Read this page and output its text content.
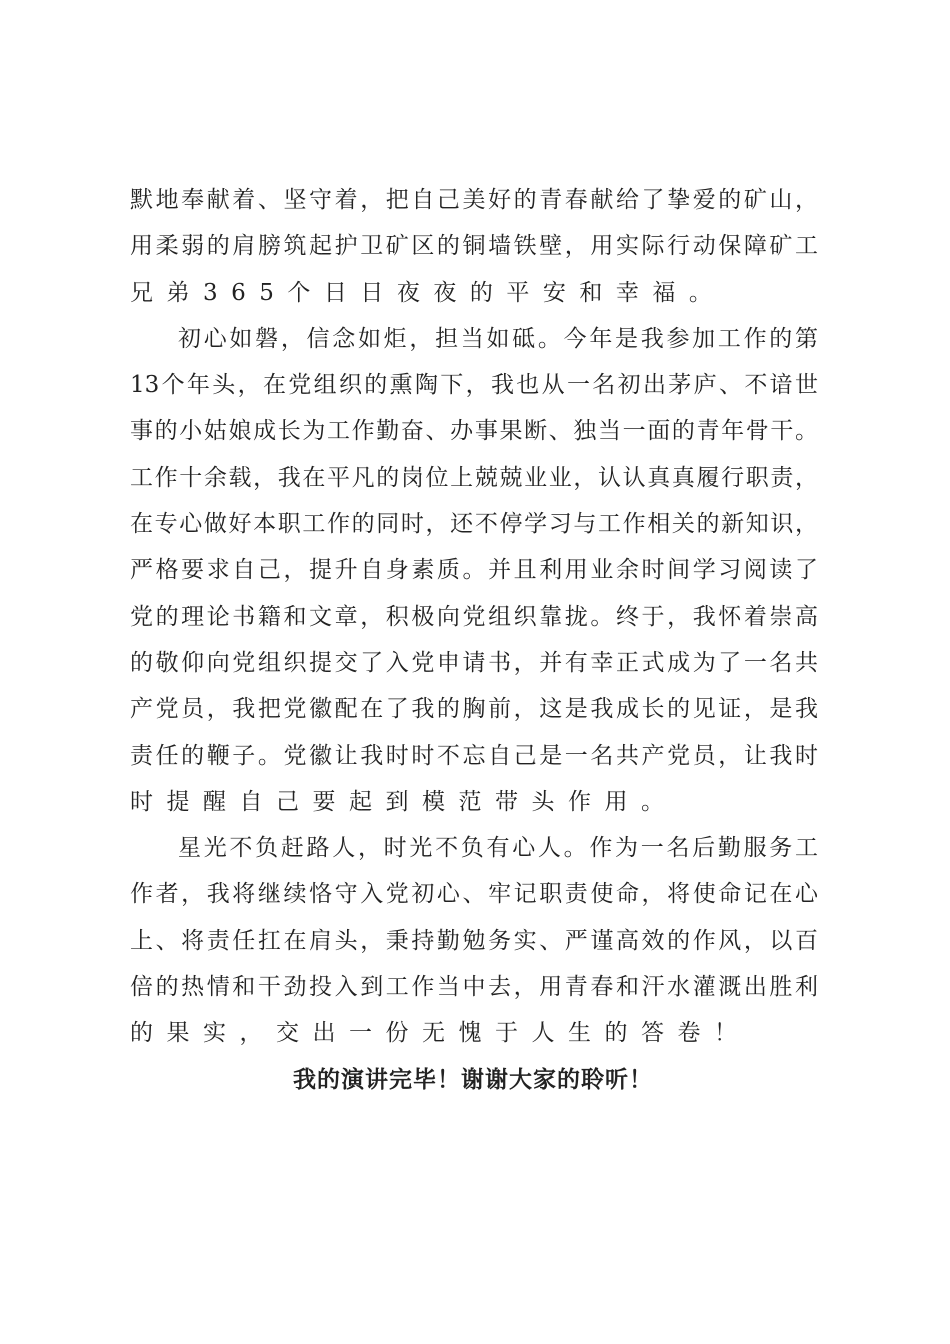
默地奉献着、坚守着，把自己美好的青春献给了挚爱的矿山，
用柔弱的肩膀筑起护卫矿区的铜墙铁壁，用实际行动保障矿工
兄弟365个日日夜夜的平安和幸福。
初心如磐，信念如炬，担当如砥。今年是我参加工作的第
13个年头，在党组织的熏陶下，我也从一名初出茅庐、不谙世
事的小姑娘成长为工作勤奋、办事果断、独当一面的青年骨干。
工作十余载，我在平凡的岗位上兢兢业业，认认真真履行职责，
在专心做好本职工作的同时，还不停学习与工作相关的新知识，
严格要求自己，提升自身素质。并且利用业余时间学习阅读了
党的理论书籍和文章，积极向党组织靠拢。终于，我怀着崇高
的敬仰向党组织提交了入党申请书，并有幸正式成为了一名共
产党员，我把党徽配在了我的胸前，这是我成长的见证，是我
责任的鞭子。党徽让我时时不忘自己是一名共产党员，让我时
时提醒自己要起到模范带头作用。
星光不负赶路人，时光不负有心人。作为一名后勤服务工
作者，我将继续恪守入党初心、牢记职责使命，将使命记在心
上、将责任扛在肩头，秉持勤勉务实、严谨高效的作风，以百
倍的热情和干劲投入到工作当中去，用青春和汗水灌溉出胜利
的果实，交出一份无愧于人生的答卷！
我的演讲完毕！谢谢大家的聆听！
